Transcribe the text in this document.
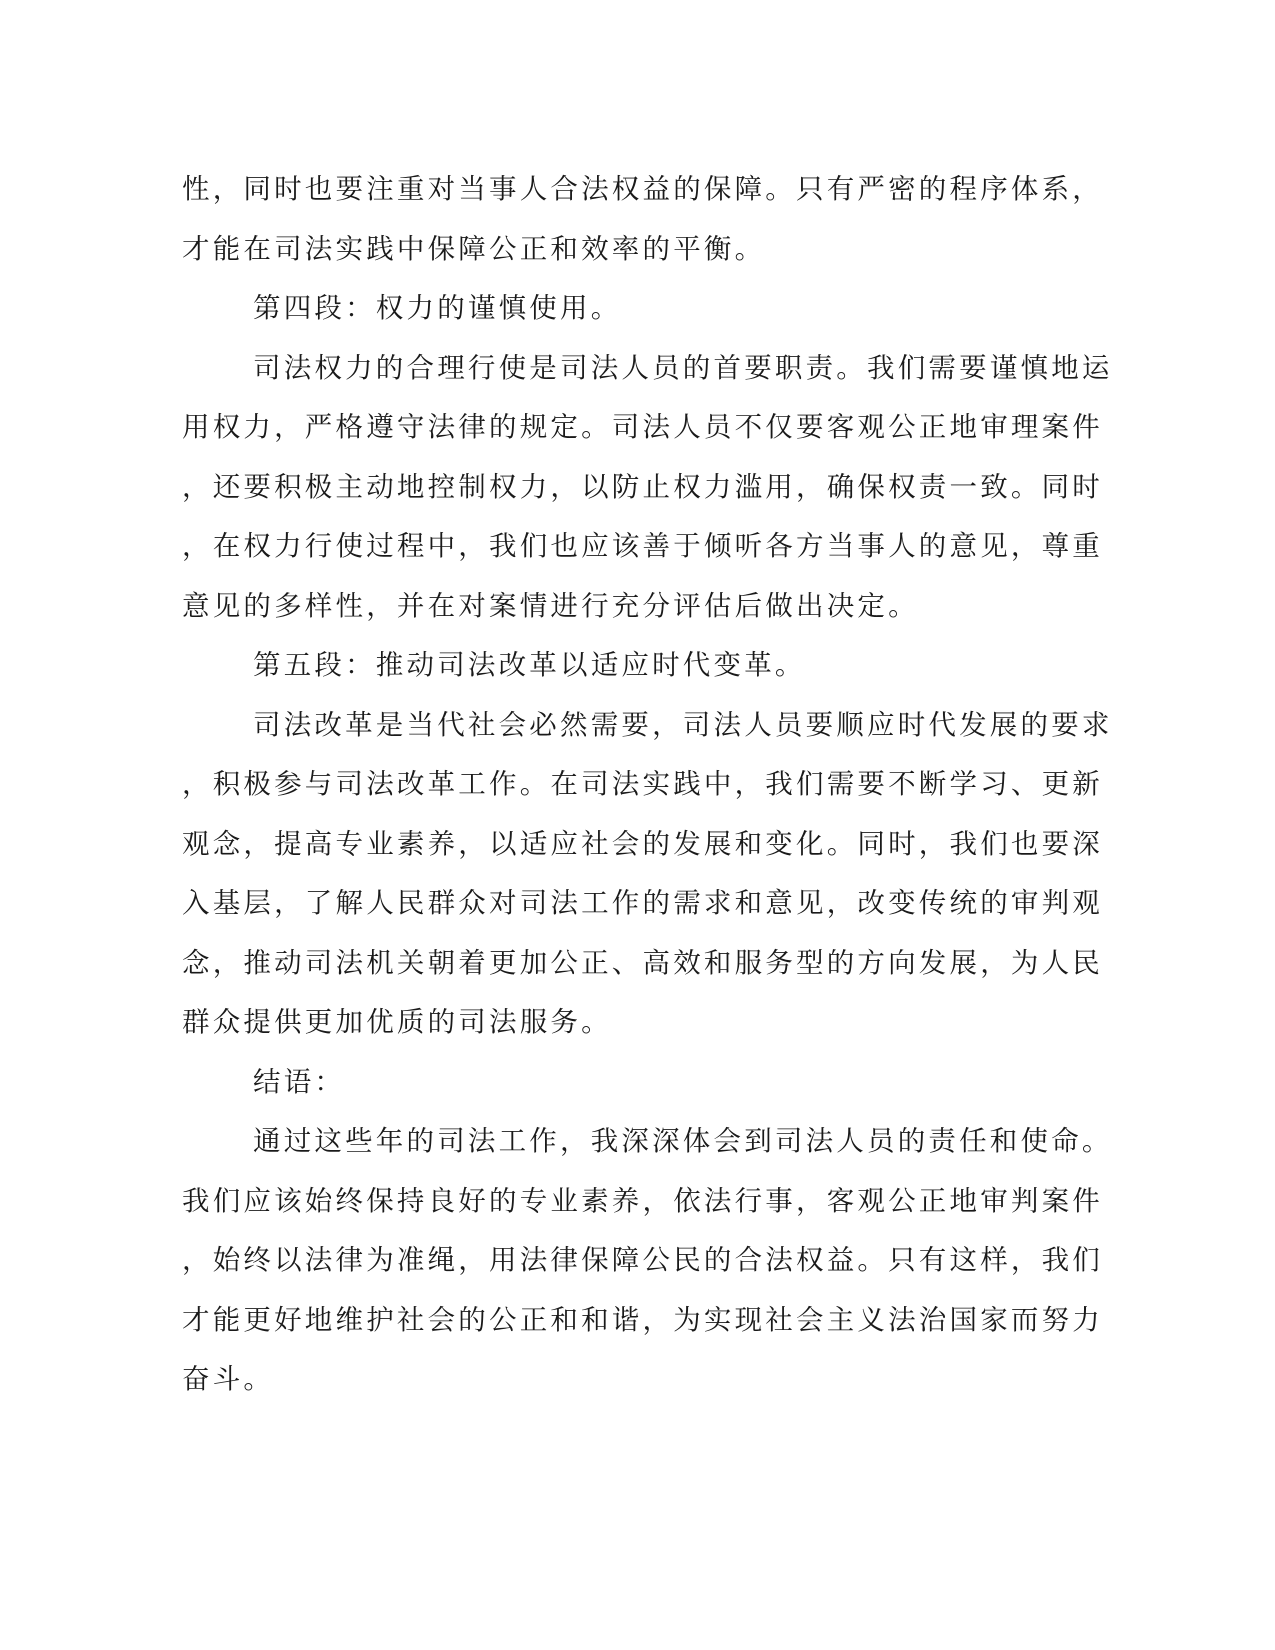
性，同时也要注重对当事人合法权益的保障。只有严密的程序体系，
才能在司法实践中保障公正和效率的平衡。
第四段：权力的谨慎使用。
司法权力的合理行使是司法人员的首要职责。我们需要谨慎地运
用权力，严格遵守法律的规定。司法人员不仅要客观公正地审理案件
，还要积极主动地控制权力，以防止权力滥用，确保权责一致。同时
，在权力行使过程中，我们也应该善于倾听各方当事人的意见，尊重
意见的多样性，并在对案情进行充分评估后做出决定。
第五段：推动司法改革以适应时代变革。
司法改革是当代社会必然需要，司法人员要顺应时代发展的要求
，积极参与司法改革工作。在司法实践中，我们需要不断学习、更新
观念，提高专业素养，以适应社会的发展和变化。同时，我们也要深
入基层，了解人民群众对司法工作的需求和意见，改变传统的审判观
念，推动司法机关朝着更加公正、高效和服务型的方向发展，为人民
群众提供更加优质的司法服务。
结语：
通过这些年的司法工作，我深深体会到司法人员的责任和使命。
我们应该始终保持良好的专业素养，依法行事，客观公正地审判案件
，始终以法律为准绳，用法律保障公民的合法权益。只有这样，我们
才能更好地维护社会的公正和和谐，为实现社会主义法治国家而努力
奋斗。
